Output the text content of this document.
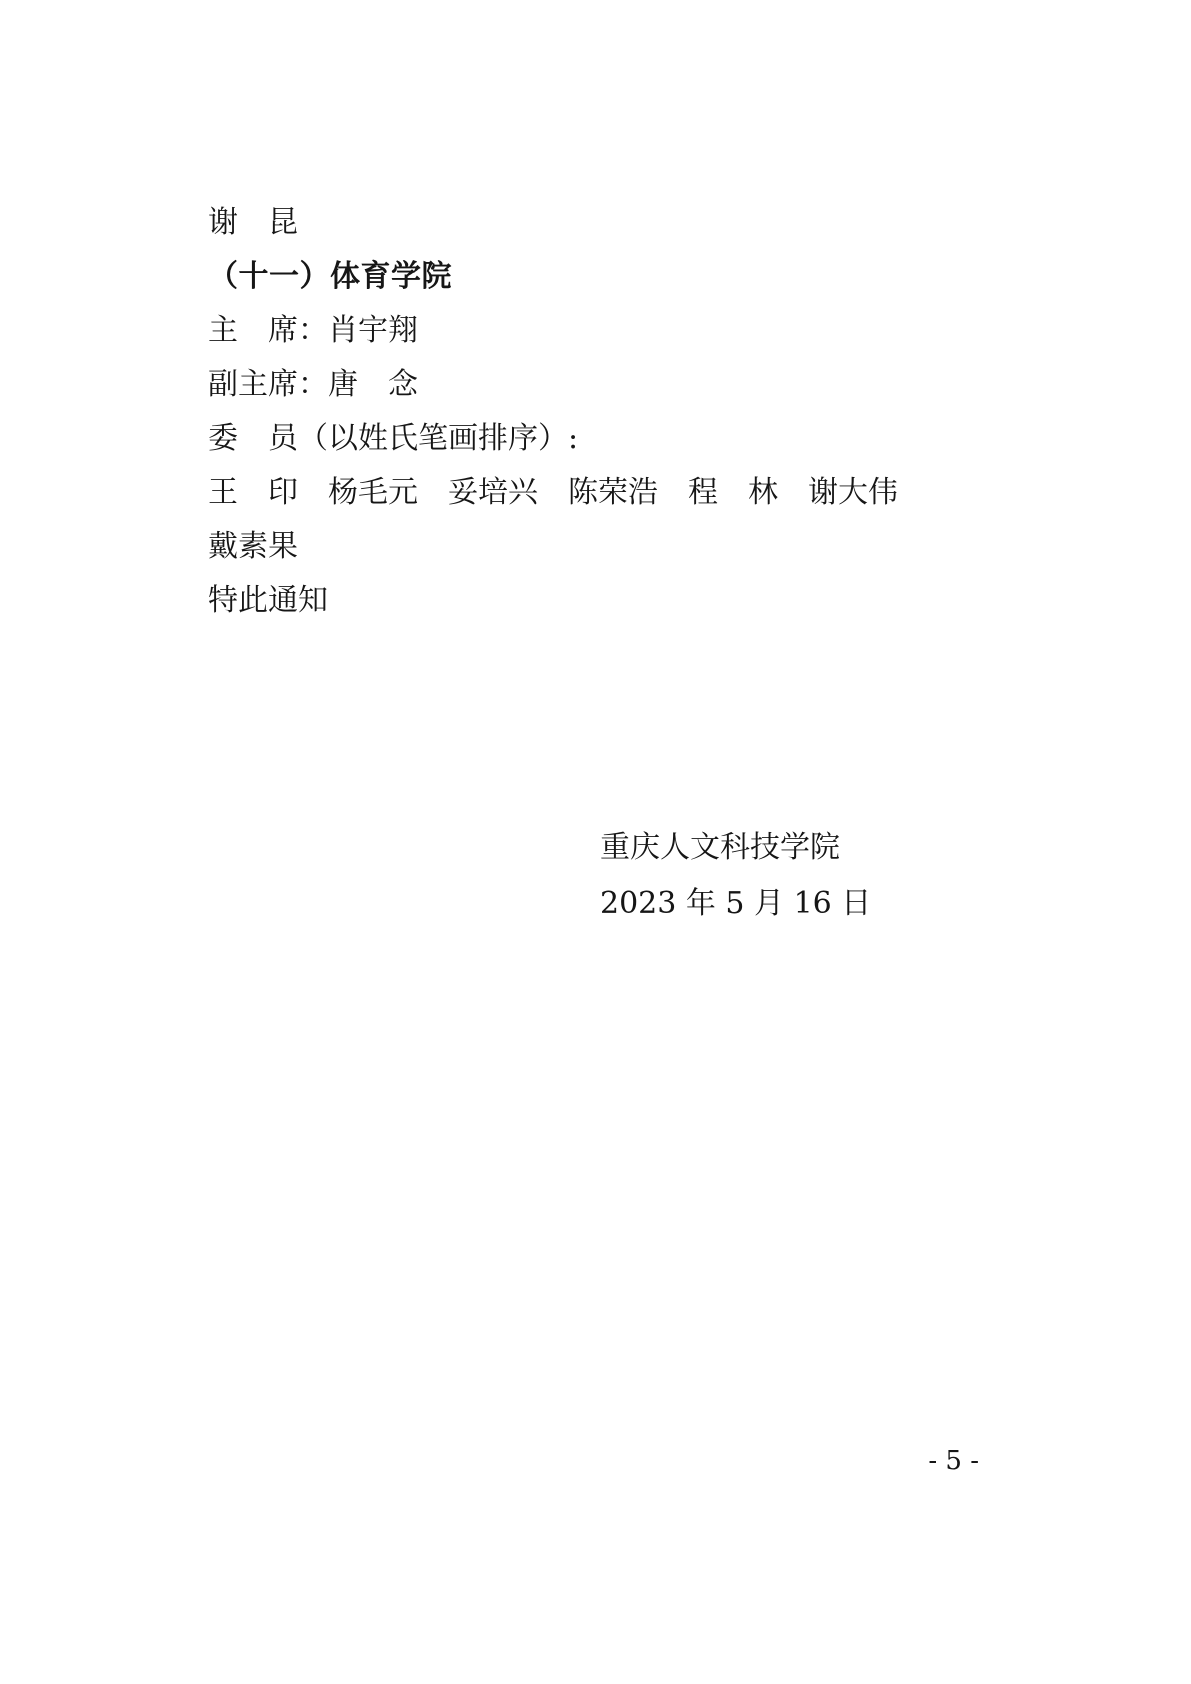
谢　昆
（十一）体育学院
主　席：肖宇翔
副主席：唐　念
委　员（以姓氏笔画排序）:
王　印　杨毛元　妥培兴　陈荣浩　程　林　谢大伟
戴素果
特此通知
重庆人文科技学院
2023 年 5 月 16 日
- 5 -
